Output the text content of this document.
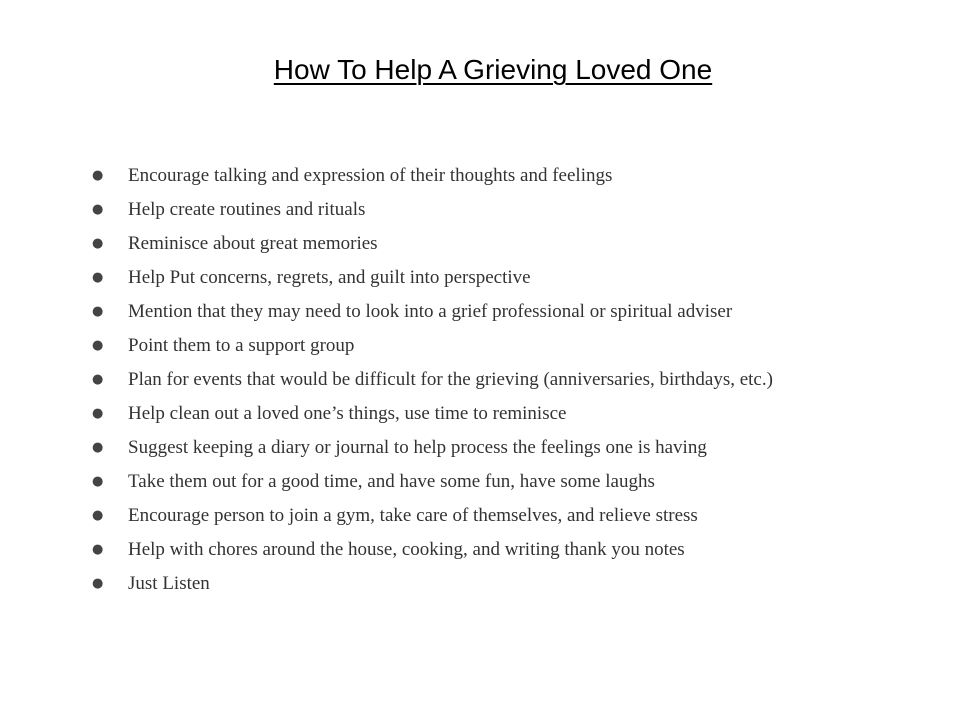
How To Help A Grieving Loved One
● Encourage talking and expression of their thoughts and feelings
● Help create routines and rituals
● Reminisce about great memories
● Help Put concerns, regrets, and guilt into perspective
● Mention that they may need to look into a grief professional or spiritual adviser
● Point them to a support group
● Plan for events that would be difficult for the grieving (anniversaries, birthdays, etc.)
● Help clean out a loved one’s things, use time to reminisce
● Suggest keeping a diary or journal to help process the feelings one is having
● Take them out for a good time, and have some fun, have some laughs
● Encourage person to join a gym, take care of themselves, and relieve stress
● Help with chores around the house, cooking, and writing thank you notes
● Just Listen
